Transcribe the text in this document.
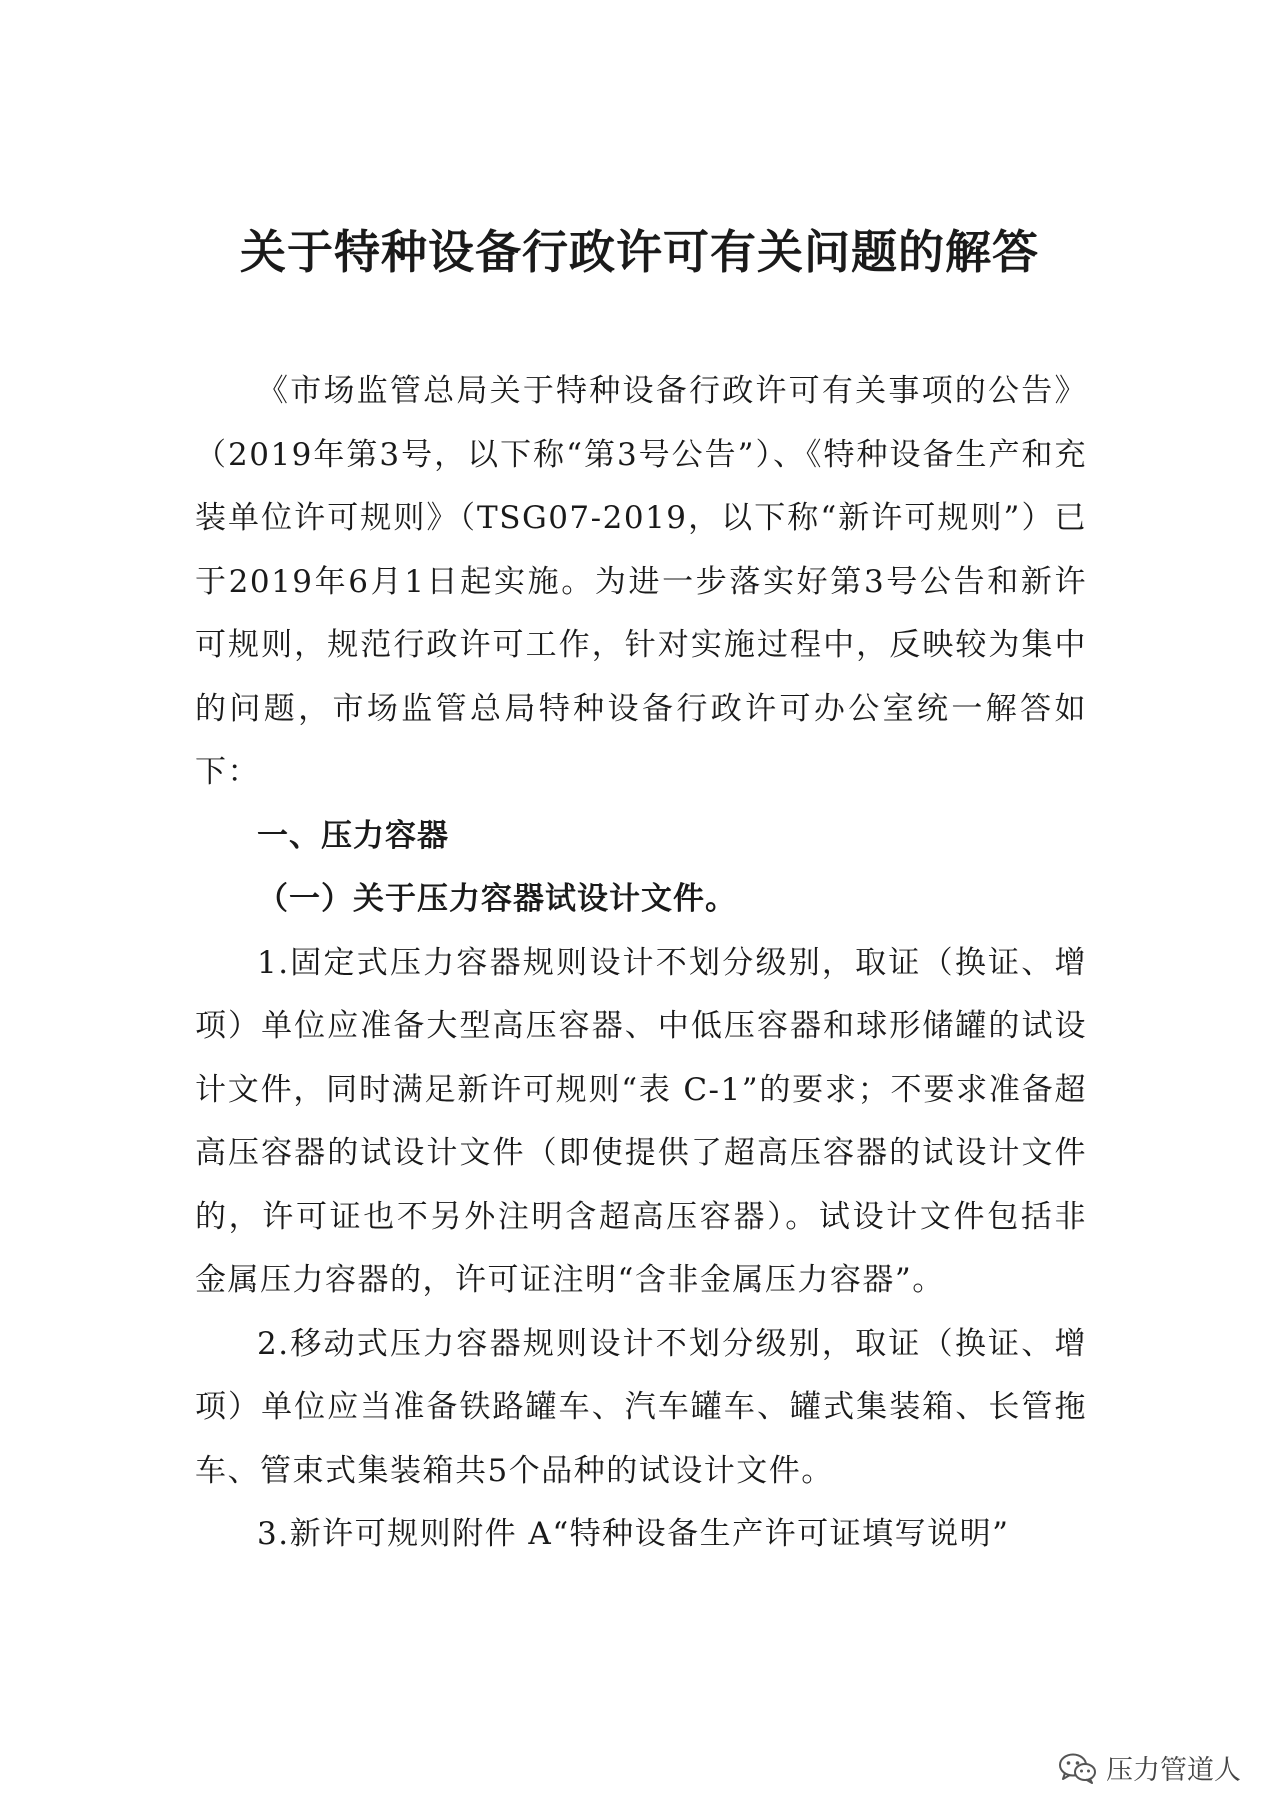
关于特种设备行政许可有关问题的解答

《市场监管总局关于特种设备行政许可有关事项的公告》（2019年第3号，以下称“第3号公告”）、《特种设备生产和充装单位许可规则》（TSG07-2019，以下称“新许可规则”）已于2019年6月1日起实施。为进一步落实好第3号公告和新许可规则，规范行政许可工作，针对实施过程中，反映较为集中的问题，市场监管总局特种设备行政许可办公室统一解答如下：

一、压力容器

（一）关于压力容器试设计文件。

1.固定式压力容器规则设计不划分级别，取证（换证、增项）单位应准备大型高压容器、中低压容器和球形储罐的试设计文件，同时满足新许可规则“表 C-1”的要求；不要求准备超高压容器的试设计文件（即使提供了超高压容器的试设计文件的，许可证也不另外注明含超高压容器）。试设计文件包括非金属压力容器的，许可证注明“含非金属压力容器”。

2.移动式压力容器规则设计不划分级别，取证（换证、增项）单位应当准备铁路罐车、汽车罐车、罐式集装箱、长管拖车、管束式集装箱共5个品种的试设计文件。

3.新许可规则附件 A“特种设备生产许可证填写说明”

压力管道人
